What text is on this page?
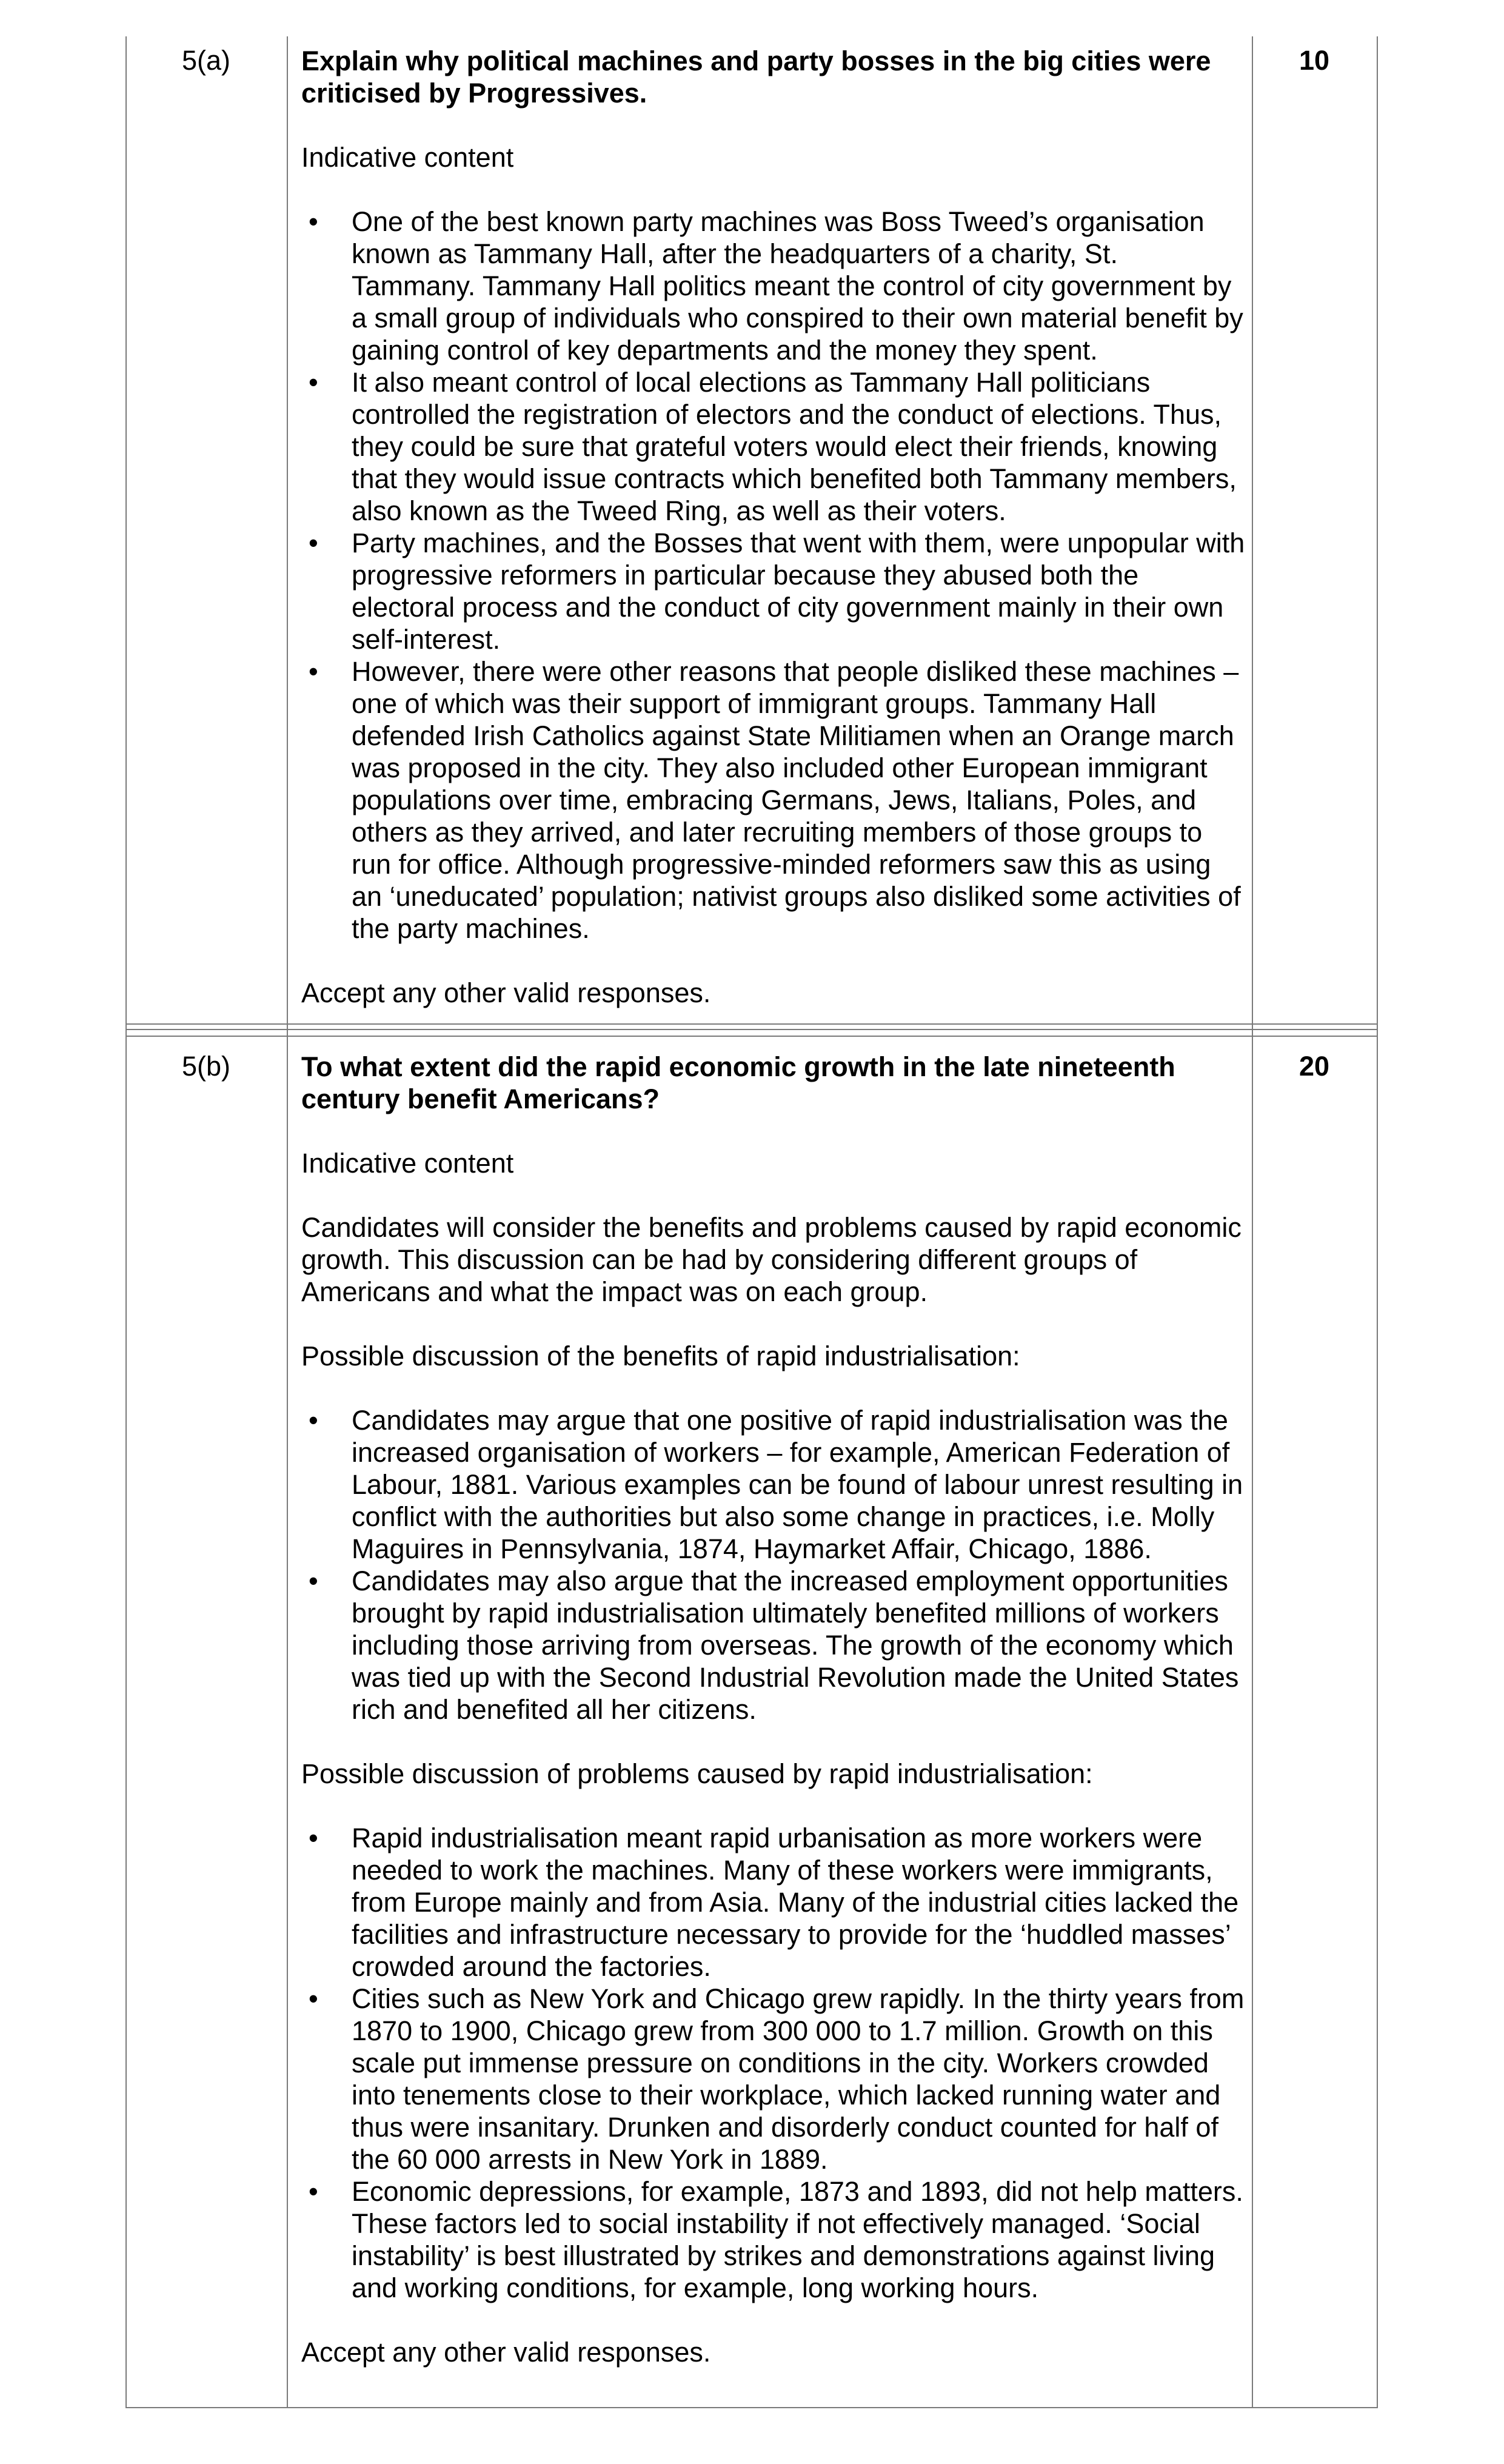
5(a)	10

Explain why political machines and party bosses in the big cities were criticised by Progressives.

Indicative content

• One of the best known party machines was Boss Tweed’s organisation known as Tammany Hall, after the headquarters of a charity, St. Tammany. Tammany Hall politics meant the control of city government by a small group of individuals who conspired to their own material benefit by gaining control of key departments and the money they spent.
• It also meant control of local elections as Tammany Hall politicians controlled the registration of electors and the conduct of elections. Thus, they could be sure that grateful voters would elect their friends, knowing that they would issue contracts which benefited both Tammany members, also known as the Tweed Ring, as well as their voters.
• Party machines, and the Bosses that went with them, were unpopular with progressive reformers in particular because they abused both the electoral process and the conduct of city government mainly in their own self-interest.
• However, there were other reasons that people disliked these machines – one of which was their support of immigrant groups. Tammany Hall defended Irish Catholics against State Militiamen when an Orange march was proposed in the city. They also included other European immigrant populations over time, embracing Germans, Jews, Italians, Poles, and others as they arrived, and later recruiting members of those groups to run for office. Although progressive-minded reformers saw this as using an ‘uneducated’ population; nativist groups also disliked some activities of the party machines.

Accept any other valid responses.

5(b)	20

To what extent did the rapid economic growth in the late nineteenth century benefit Americans?

Indicative content

Candidates will consider the benefits and problems caused by rapid economic growth. This discussion can be had by considering different groups of Americans and what the impact was on each group.

Possible discussion of the benefits of rapid industrialisation:

• Candidates may argue that one positive of rapid industrialisation was the increased organisation of workers – for example, American Federation of Labour, 1881. Various examples can be found of labour unrest resulting in conflict with the authorities but also some change in practices, i.e. Molly Maguires in Pennsylvania, 1874, Haymarket Affair, Chicago, 1886.
• Candidates may also argue that the increased employment opportunities brought by rapid industrialisation ultimately benefited millions of workers including those arriving from overseas. The growth of the economy which was tied up with the Second Industrial Revolution made the United States rich and benefited all her citizens.

Possible discussion of problems caused by rapid industrialisation:

• Rapid industrialisation meant rapid urbanisation as more workers were needed to work the machines. Many of these workers were immigrants, from Europe mainly and from Asia. Many of the industrial cities lacked the facilities and infrastructure necessary to provide for the ‘huddled masses’ crowded around the factories.
• Cities such as New York and Chicago grew rapidly. In the thirty years from 1870 to 1900, Chicago grew from 300 000 to 1.7 million. Growth on this scale put immense pressure on conditions in the city. Workers crowded into tenements close to their workplace, which lacked running water and thus were insanitary. Drunken and disorderly conduct counted for half of the 60 000 arrests in New York in 1889.
• Economic depressions, for example, 1873 and 1893, did not help matters. These factors led to social instability if not effectively managed. ‘Social instability’ is best illustrated by strikes and demonstrations against living and working conditions, for example, long working hours.

Accept any other valid responses.
